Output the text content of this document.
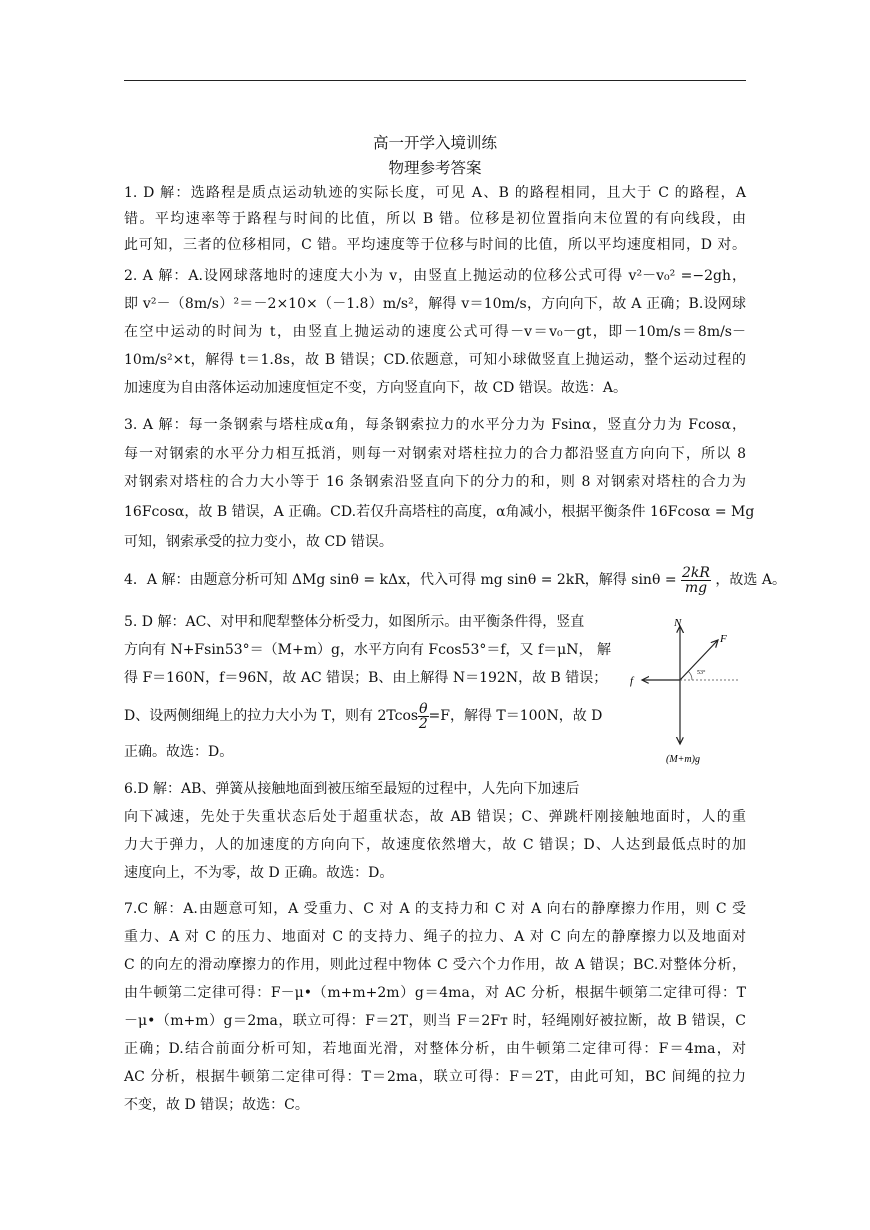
高一开学入境训练
物理参考答案
1. D 解：选路程是质点运动轨迹的实际长度，可见 A、B 的路程相同，且大于 C 的路程，A
错。平均速率等于路程与时间的比值，所以 B 错。位移是初位置指向末位置的有向线段，由
此可知，三者的位移相同，C 错。平均速度等于位移与时间的比值，所以平均速度相同，D 对。
2. A 解：A.设网球落地时的速度大小为 v，由竖直上抛运动的位移公式可得 v²－v₀² =−2gh，
即 v²－（8m/s）²＝－2×10×（－1.8）m/s²，解得 v＝10m/s，方向向下，故 A 正确；B.设网球
在空中运动的时间为 t，由竖直上抛运动的速度公式可得－v＝v₀－gt，即－10m/s＝8m/s－
10m/s²×t，解得 t＝1.8s，故 B 错误；CD.依题意，可知小球做竖直上抛运动，整个运动过程的
加速度为自由落体运动加速度恒定不变，方向竖直向下，故 CD 错误。故选：A。
3. A 解：每一条钢索与塔柱成α角，每条钢索拉力的水平分力为 Fsinα，竖直分力为 Fcosα，
每一对钢索的水平分力相互抵消，则每一对钢索对塔柱拉力的合力都沿竖直方向向下，所以 8
对钢索对塔柱的合力大小等于 16 条钢索沿竖直向下的分力的和，则 8 对钢索对塔柱的合力为
16Fcosα，故 B 错误，A 正确。CD.若仅升高塔柱的高度，α角减小，根据平衡条件 16Fcosα = Mg
可知，钢索承受的拉力变小，故 CD 错误。
4．A 解：由题意分析可知 ΔMg sinθ = kΔx，代入可得 mg sinθ = 2kR，解得 $\sin\theta = \frac{2kR}{mg}$ ，故选 A。
5. D 解：AC、对甲和爬犁整体分析受力，如图所示。由平衡条件得，竖直
方向有 N+Fsin53°＝（M+m）g，水平方向有 Fcos53°＝f，又 f＝μN， 解
得 F＝160N，f＝96N，故 AC 错误；B、由上解得 N＝192N，故 B 错误；
D、设两侧细绳上的拉力大小为 T，则有 $2Tcos \frac{\theta}{2} =F$，解得 T＝100N，故 D
正确。故选：D。
N
F
f
53°
(M+m)g
6.D 解：AB、弹簧从接触地面到被压缩至最短的过程中，人先向下加速后
向下减速，先处于失重状态后处于超重状态，故 AB 错误；C、弹跳杆刚接触地面时，人的重
力大于弹力，人的加速度的方向向下，故速度依然增大，故 C 错误；D、人达到最低点时的加
速度向上，不为零，故 D 正确。故选：D。
7.C 解：A.由题意可知，A 受重力、C 对 A 的支持力和 C 对 A 向右的静摩擦力作用，则 C 受
重力、A 对 C 的压力、地面对 C 的支持力、绳子的拉力、A 对 C 向左的静摩擦力以及地面对
C 的向左的滑动摩擦力的作用，则此过程中物体 C 受六个力作用，故 A 错误；BC.对整体分析，
由牛顿第二定律可得：F－μ•（m+m+2m）g＝4ma，对 AC 分析，根据牛顿第二定律可得：T
－μ•（m+m）g＝2ma，联立可得：F＝2T，则当 F＝2Fᴛ 时，轻绳刚好被拉断，故 B 错误，C
正确；D.结合前面分析可知，若地面光滑，对整体分析，由牛顿第二定律可得：F＝4ma，对
AC 分析，根据牛顿第二定律可得：T＝2ma，联立可得：F＝2T，由此可知，BC 间绳的拉力
不变，故 D 错误；故选：C。
